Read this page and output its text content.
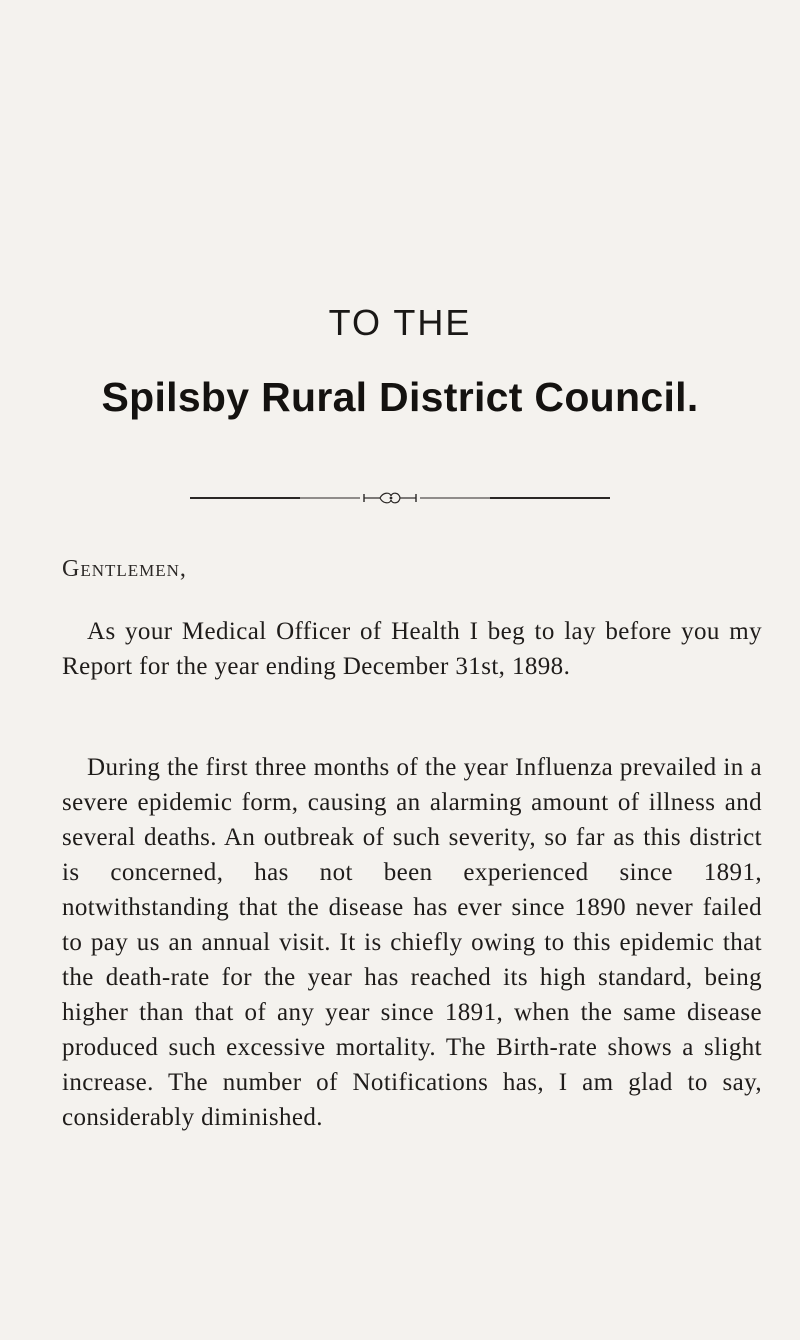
TO THE
Spilsby Rural District Council.
Gentlemen,

As your Medical Officer of Health I beg to lay before you my Report for the year ending December 31st, 1898.

During the first three months of the year Influenza prevailed in a severe epidemic form, causing an alarming amount of illness and several deaths. An outbreak of such severity, so far as this district is concerned, has not been experienced since 1891, notwithstanding that the disease has ever since 1890 never failed to pay us an annual visit. It is chiefly owing to this epidemic that the death-rate for the year has reached its high standard, being higher than that of any year since 1891, when the same disease produced such excessive mortality. The Birth-rate shows a slight increase. The number of Notifications has, I am glad to say, considerably diminished.
